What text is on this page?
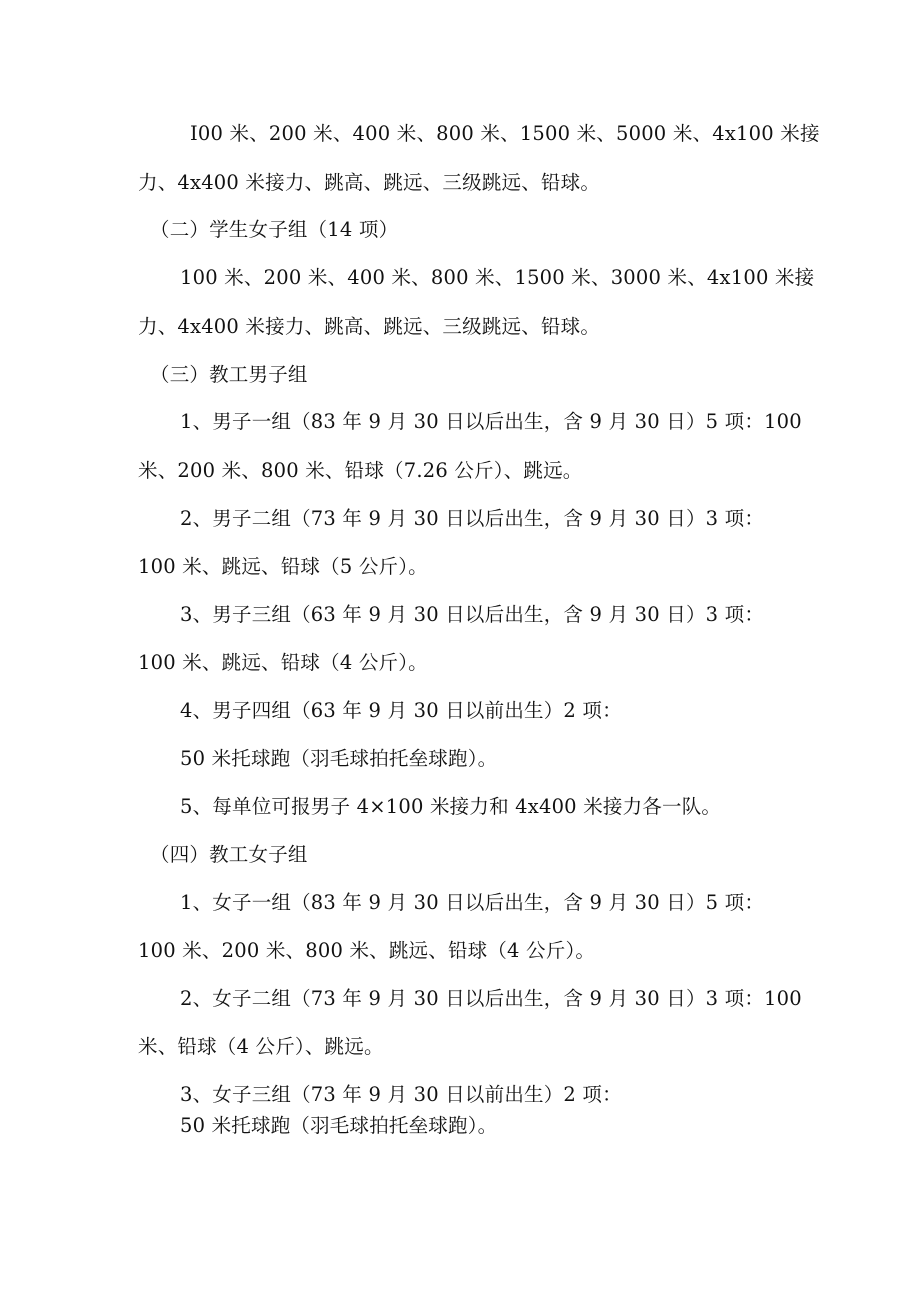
I00 米、200 米、400 米、800 米、1500 米、5000 米、4x100 米接
力、4x400 米接力、跳高、跳远、三级跳远、铅球。
（二）学生女子组（14 项）
100 米、200 米、400 米、800 米、1500 米、3000 米、4x100 米接
力、4x400 米接力、跳高、跳远、三级跳远、铅球。
（三）教工男子组
1、男子一组（83 年 9 月 30 日以后出生，含 9 月 30 日）5 项：100
米、200 米、800 米、铅球（7.26 公斤）、跳远。
2、男子二组（73 年 9 月 30 日以后出生，含 9 月 30 日）3 项：
100 米、跳远、铅球（5 公斤）。
3、男子三组（63 年 9 月 30 日以后出生，含 9 月 30 日）3 项：
100 米、跳远、铅球（4 公斤）。
4、男子四组（63 年 9 月 30 日以前出生）2 项：
50 米托球跑（羽毛球拍托垒球跑）。
5、每单位可报男子 4×100 米接力和 4x400 米接力各一队。
（四）教工女子组
1、女子一组（83 年 9 月 30 日以后出生，含 9 月 30 日）5 项：
100 米、200 米、800 米、跳远、铅球（4 公斤）。
2、女子二组（73 年 9 月 30 日以后出生，含 9 月 30 日）3 项：100
米、铅球（4 公斤）、跳远。
3、女子三组（73 年 9 月 30 日以前出生）2 项：
50 米托球跑（羽毛球拍托垒球跑）。
